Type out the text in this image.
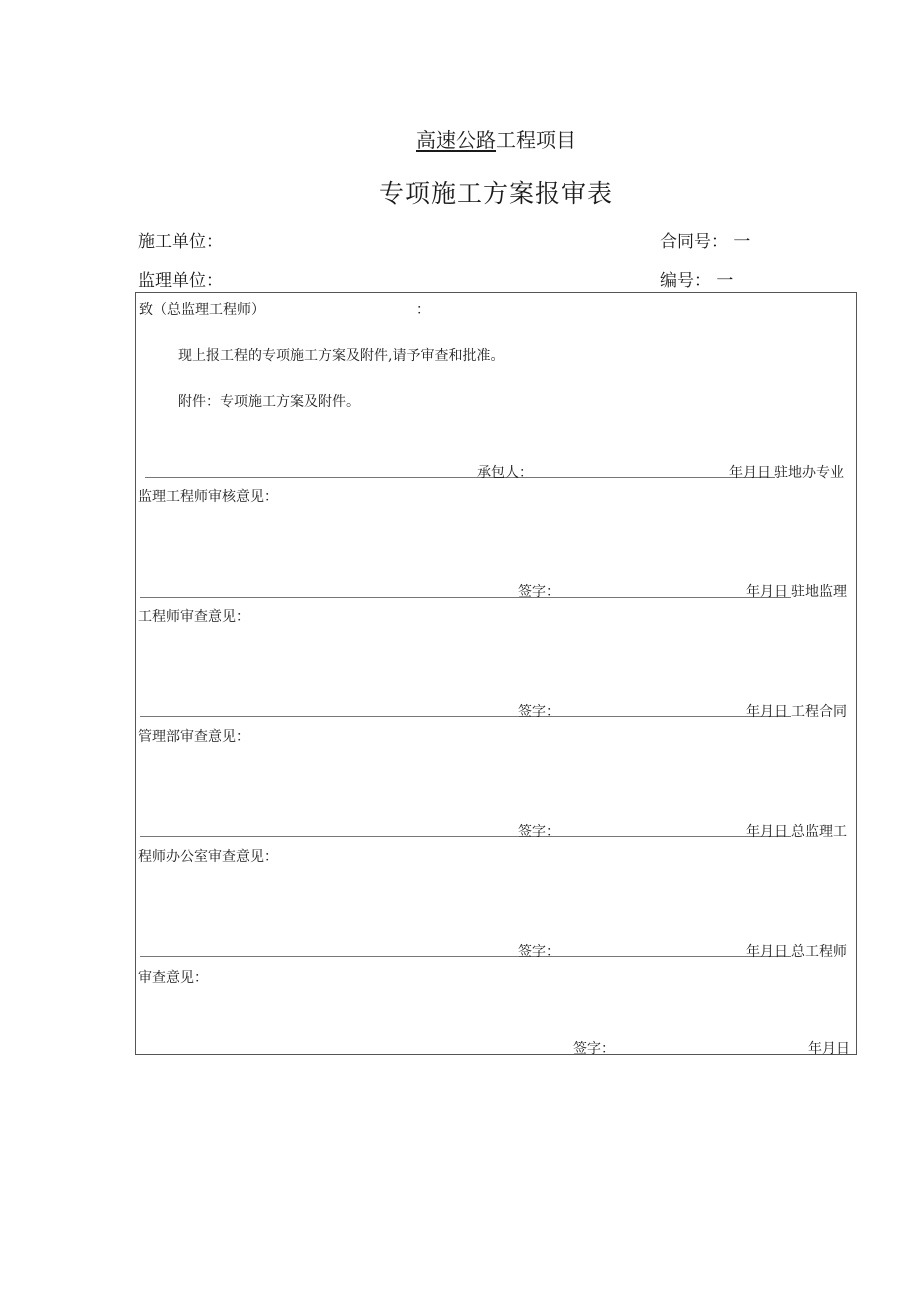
高速公路工程项目
专项施工方案报审表
施工单位：	合同号： 一
监理单位：	编号： 一
致（总监理工程师）	：
现上报工程的专项施工方案及附件,请予审查和批准。
附件：专项施工方案及附件。
承包人：	年月日 驻地办专业
监理工程师审核意见：
签字：	年月日 驻地监理
工程师审查意见：
签字：	年月日 工程合同
管理部审查意见：
签字：	年月日 总监理工
程师办公室审查意见：
签字：	年月日 总工程师
审查意见：
签字：	年月日
